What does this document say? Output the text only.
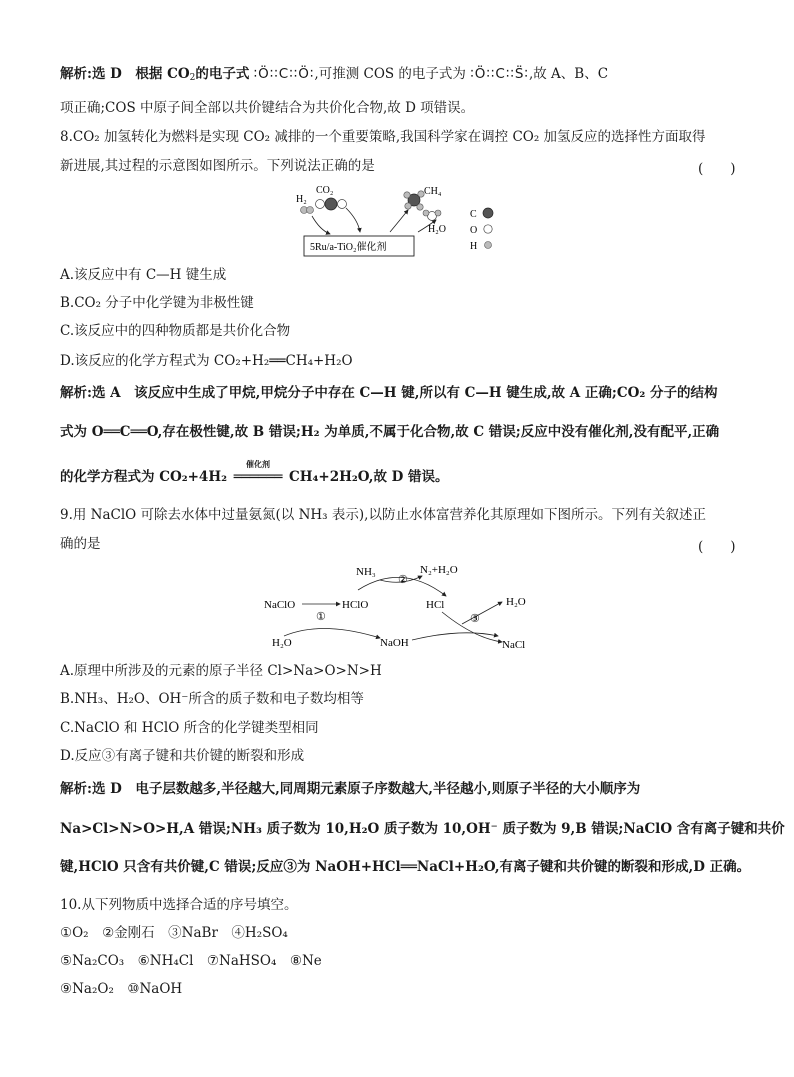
解析:选 D　根据 $CO_2$的电子式 ∶Ö∶∶C∶∶Ö∶,可推测 COS 的电子式为 ∶Ö∶∶C∶∶S̈∶,故 A、B、C
项正确;COS 中原子间全部以共价键结合为共价化合物,故 D 项错误。
8.CO₂ 加氢转化为燃料是实现 CO₂ 减排的一个重要策略,我国科学家在调控 CO₂ 加氢反应的选择性方面取得
新进展,其过程的示意图如图所示。下列说法正确的是	(　　)
H₂
CO₂	CH₄
H₂O
5Ru/a-TiO₂催化剂
C
O
H
A.该反应中有 C—H 键生成
B.CO₂ 分子中化学键为非极性键
C.该反应中的四种物质都是共价化合物
D.该反应的化学方程式为 CO₂+H₂══CH₄+H₂O
解析:选 A　该反应中生成了甲烷,甲烷分子中存在 C—H 键,所以有 C—H 键生成,故 A 正确;CO₂ 分子的结构
式为 O══C══O,存在极性键,故 B 错误;H₂ 为单质,不属于化合物,故 C 错误;反应中没有催化剂,没有配平,正确
的化学方程式为 CO₂+4H₂
催化剂
══════ CH₄+2H₂O,故 D 错误。
9.用 NaClO 可除去水体中过量氨氮(以 NH₃ 表示),以防止水体富营养化其原理如下图所示。下列有关叙述正
确的是	(　　)
NH₃	N₂+H₂O
②
NaClO	HClO	HCl
①
H₂O	NaOH
③
H₂O
NaCl
A.原理中所涉及的元素的原子半径 Cl>Na>O>N>H
B.NH₃、H₂O、OH⁻所含的质子数和电子数均相等
C.NaClO 和 HClO 所含的化学键类型相同
D.反应③有离子键和共价键的断裂和形成
解析:选 D　电子层数越多,半径越大,同周期元素原子序数越大,半径越小,则原子半径的大小顺序为
Na>Cl>N>O>H,A 错误;NH₃ 质子数为 10,H₂O 质子数为 10,OH⁻ 质子数为 9,B 错误;NaClO 含有离子键和共价
键,HClO 只含有共价键,C 错误;反应③为 NaOH+HCl══NaCl+H₂O,有离子键和共价键的断裂和形成,D 正确。
10.从下列物质中选择合适的序号填空。
①O₂　②金刚石　③NaBr　④H₂SO₄
⑤Na₂CO₃　⑥NH₄Cl　⑦NaHSO₄　⑧Ne
⑨Na₂O₂　⑩NaOH
